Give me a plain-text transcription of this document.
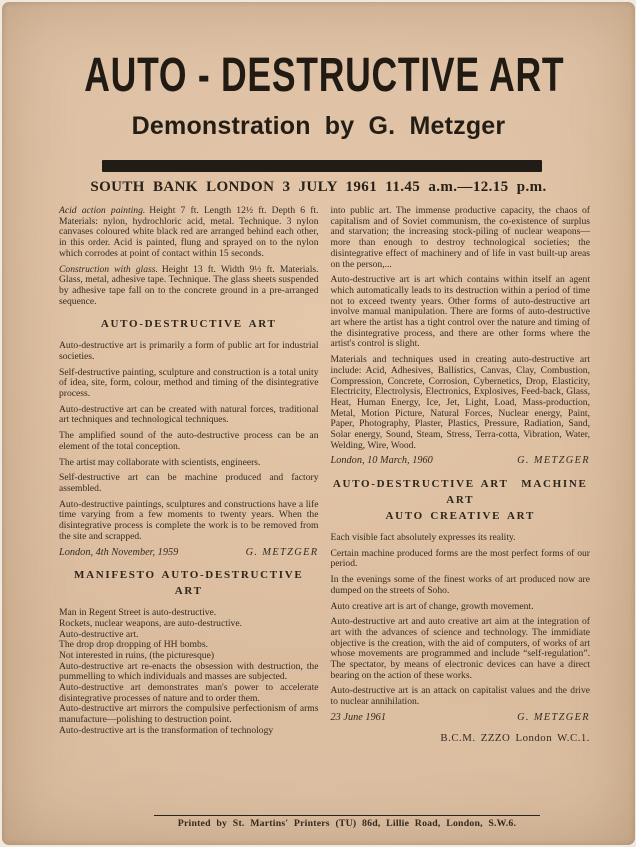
AUTO - DESTRUCTIVE ART
Demonstration by G. Metzger
SOUTH BANK LONDON 3 JULY 1961 11.45 a.m.—12.15 p.m.

Acid action painting. Height 7 ft. Length 12½ ft. Depth 6 ft. Materials: nylon, hydrochloric acid, metal. Technique. 3 nylon canvases coloured white black red are arranged behind each other, in this order. Acid is painted, flung and sprayed on to the nylon which corrodes at point of contact within 15 seconds.

Construction with glass. Height 13 ft. Width 9½ ft. Materials. Glass, metal, adhesive tape. Technique. The glass sheets suspended by adhesive tape fall on to the concrete ground in a pre-arranged sequence.

AUTO-DESTRUCTIVE ART

Auto-destructive art is primarily a form of public art for industrial societies.

Self-destructive painting, sculpture and construction is a total unity of idea, site, form, colour, method and timing of the disintegrative process.

Auto-destructive art can be created with natural forces, traditional art techniques and technological techniques.

The amplified sound of the auto-destructive process can be an element of the total conception.

The artist may collaborate with scientists, engineers.

Self-destructive art can be machine produced and factory assembled.

Auto-destructive paintings, sculptures and constructions have a life time varying from a few moments to twenty years. When the disintegrative process is complete the work is to be removed from the site and scrapped.

London, 4th November, 1959	G. METZGER
MANIFESTO AUTO-DESTRUCTIVE ART

Man in Regent Street is auto-destructive.

Rockets, nuclear weapons, are auto-destructive.

Auto-destructive art.

The drop drop dropping of HH bombs.

Not interested in ruins, (the picturesque)

Auto-destructive art re-enacts the obsession with destruction, the pummelling to which individuals and masses are subjected.

Auto-destructive art demonstrates man's power to accelerate disintegrative processes of nature and to order them.

Auto-destructive art mirrors the compulsive perfectionism of arms manufacture—polishing to destruction point.

Auto-destructive art is the transformation of technology

into public art. The immense productive capacity, the chaos of capitalism and of Soviet communism, the co-existence of surplus and starvation; the increasing stock-piling of nuclear weapons—more than enough to destroy technological societies; the disintegrative effect of machinery and of life in vast built-up areas on the person,...

Auto-destructive art is art which contains within itself an agent which automatically leads to its destruction within a period of time not to exceed twenty years. Other forms of auto-destructive art involve manual manipulation. There are forms of auto-destructive art where the artist has a tight control over the nature and timing of the disintegrative process, and there are other forms where the artist's control is slight.

Materials and techniques used in creating auto-destructive art include: Acid, Adhesives, Ballistics, Canvas, Clay, Combustion, Compression, Concrete, Corrosion, Cybernetics, Drop, Elasticity, Electricity, Electrolysis, Electronics, Explosives, Feed-back, Glass, Heat, Human Energy, Ice, Jet, Light, Load, Mass-production, Metal, Motion Picture, Natural Forces, Nuclear energy, Paint, Paper, Photography, Plaster, Plastics, Pressure, Radiation, Sand, Solar energy, Sound, Steam, Stress, Terra-cotta, Vibration, Water, Welding, Wire, Wood.

London, 10 March, 1960	G. METZGER
AUTO-DESTRUCTIVE ART MACHINE ART
AUTO CREATIVE ART

Each visible fact absolutely expresses its reality.

Certain machine produced forms are the most perfect forms of our period.

In the evenings some of the finest works of art produced now are dumped on the streets of Soho.

Auto creative art is art of change, growth movement.

Auto-destructive art and auto creative art aim at the integration of art with the advances of science and technology. The immidiate objective is the creation, with the aid of computers, of works of art whose movements are programmed and include “self-regulation”. The spectator, by means of electronic devices can have a direct bearing on the action of these works.

Auto-destructive art is an attack on capitalist values and the drive to nuclear annihilation.

23 June 1961	G. METZGER
B.C.M. ZZZO London W.C.1.
Printed by St. Martins' Printers (TU) 86d, Lillie Road, London, S.W.6.
